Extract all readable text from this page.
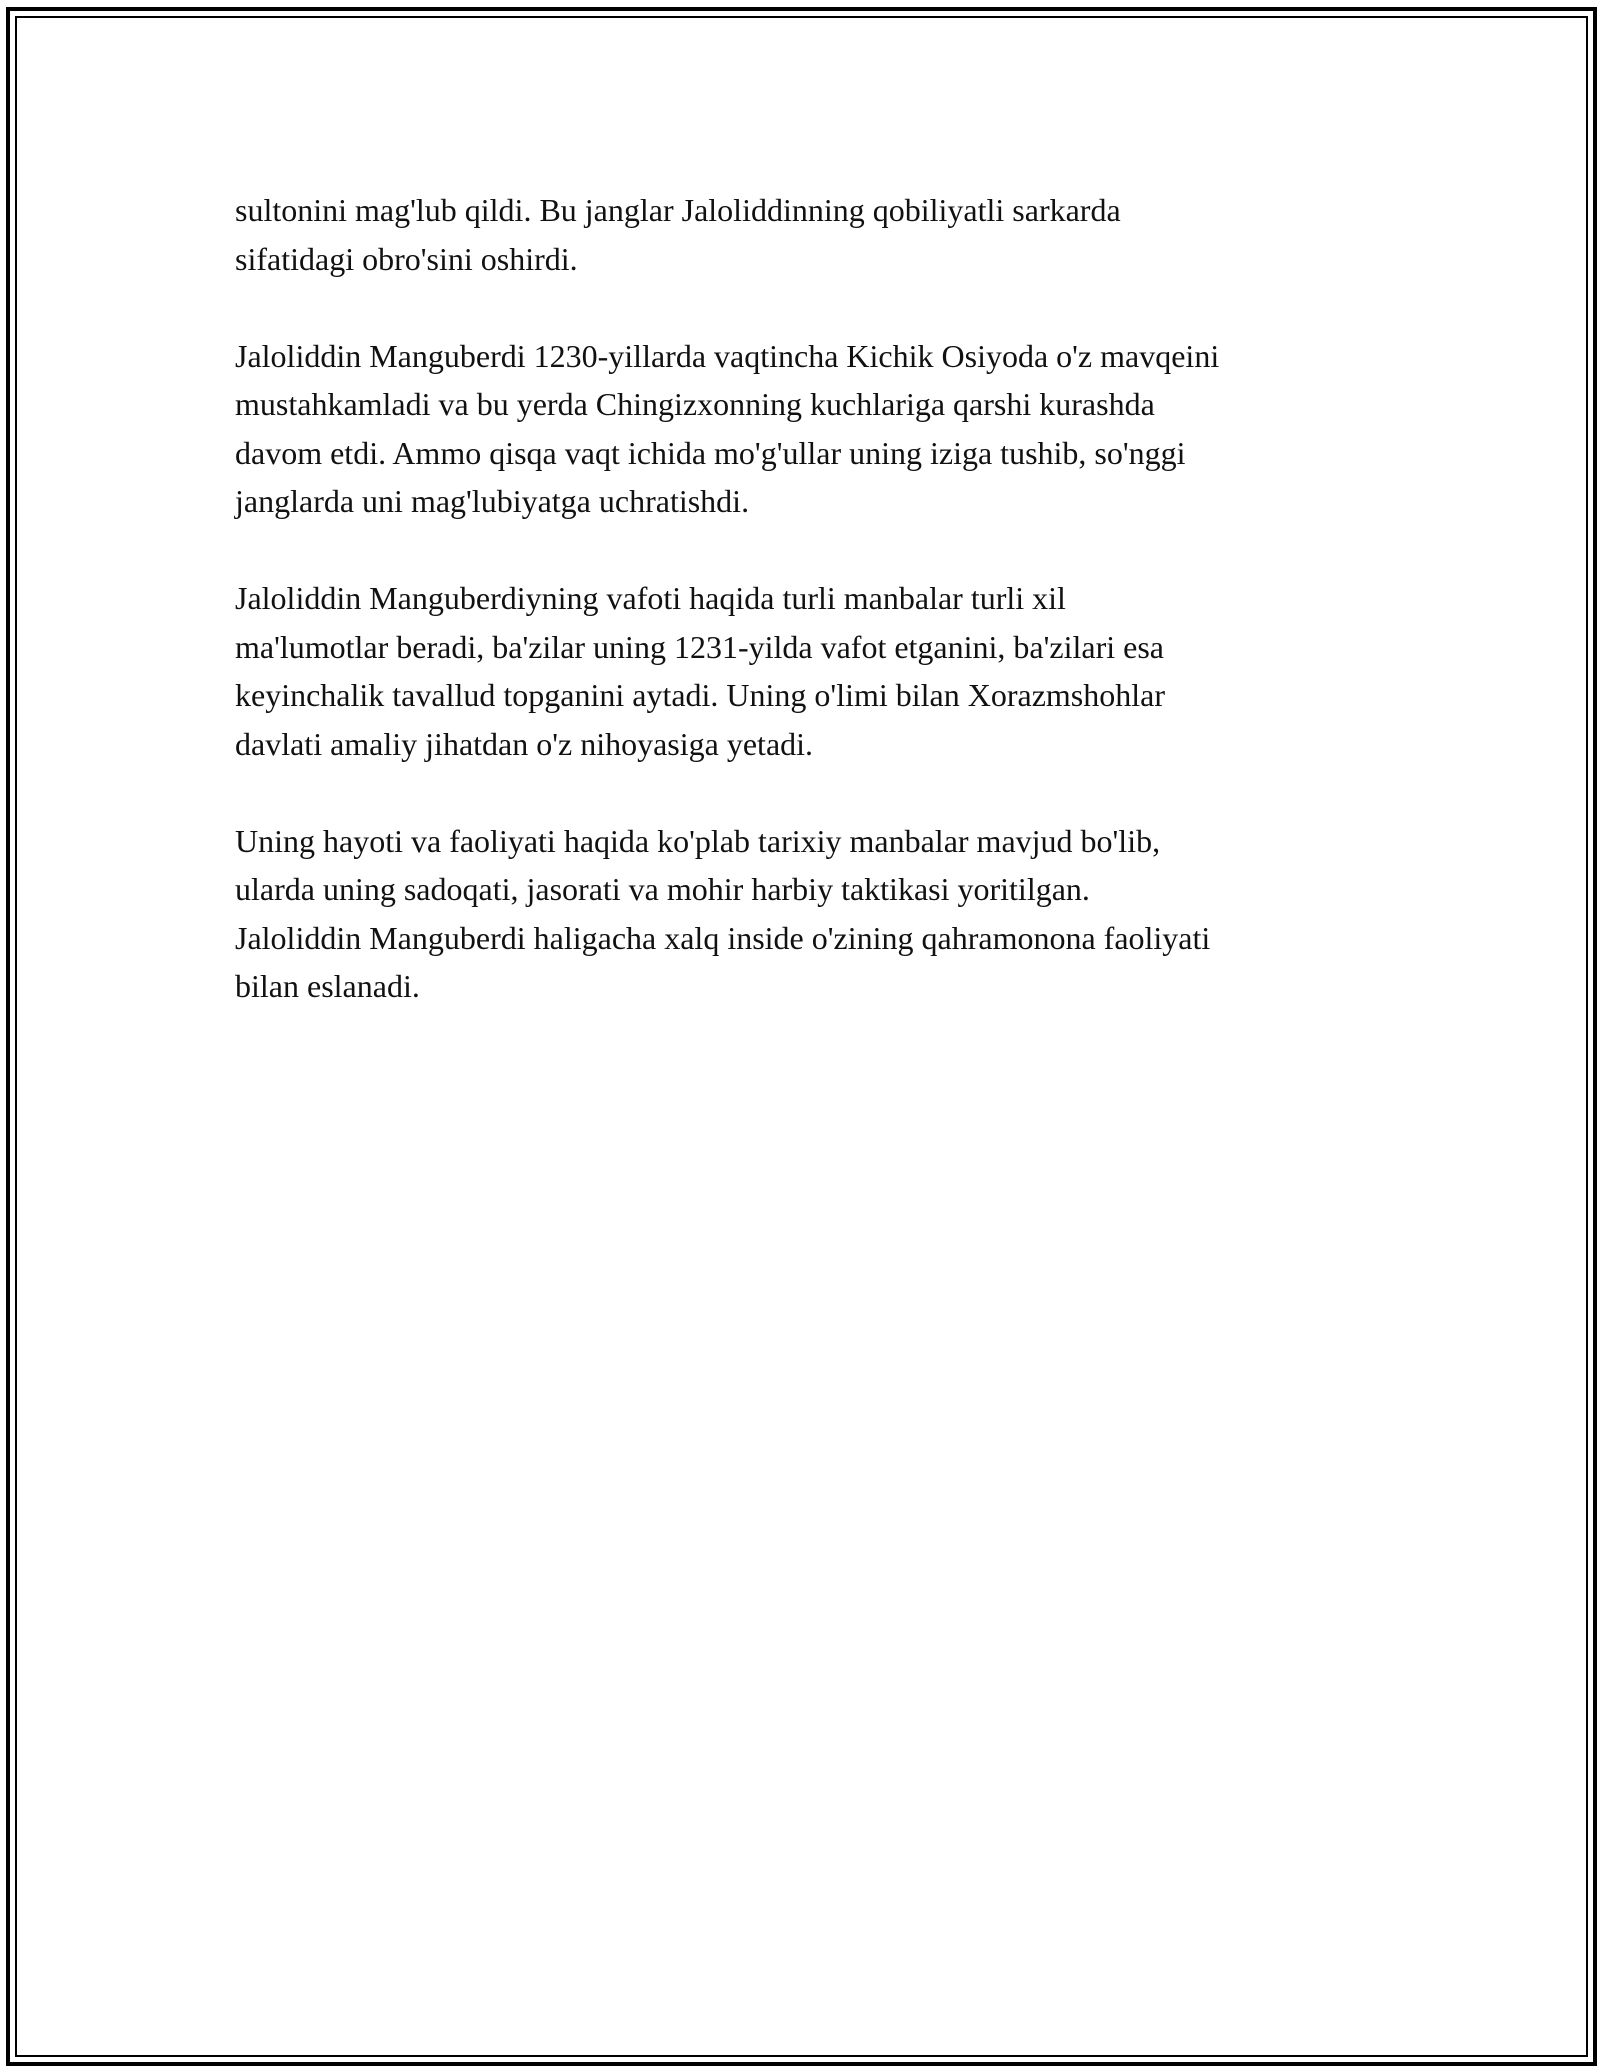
sultonini mag'lub qildi. Bu janglar Jaloliddinning qobiliyatli sarkarda
sifatidagi obro'sini oshirdi.

Jaloliddin Manguberdi 1230-yillarda vaqtincha Kichik Osiyoda o'z mavqeini
mustahkamladi va bu yerda Chingizxonning kuchlariga qarshi kurashda
davom etdi. Ammo qisqa vaqt ichida mo'g'ullar uning iziga tushib, so'nggi
janglarda uni mag'lubiyatga uchratishdi.

Jaloliddin Manguberdiyning vafoti haqida turli manbalar turli xil
ma'lumotlar beradi, ba'zilar uning 1231-yilda vafot etganini, ba'zilari esa
keyinchalik tavallud topganini aytadi. Uning o'limi bilan Xorazmshohlar
davlati amaliy jihatdan o'z nihoyasiga yetadi.

Uning hayoti va faoliyati haqida ko'plab tarixiy manbalar mavjud bo'lib,
ularda uning sadoqati, jasorati va mohir harbiy taktikasi yoritilgan.
Jaloliddin Manguberdi haligacha xalq inside o'zining qahramonona faoliyati
bilan eslanadi.
